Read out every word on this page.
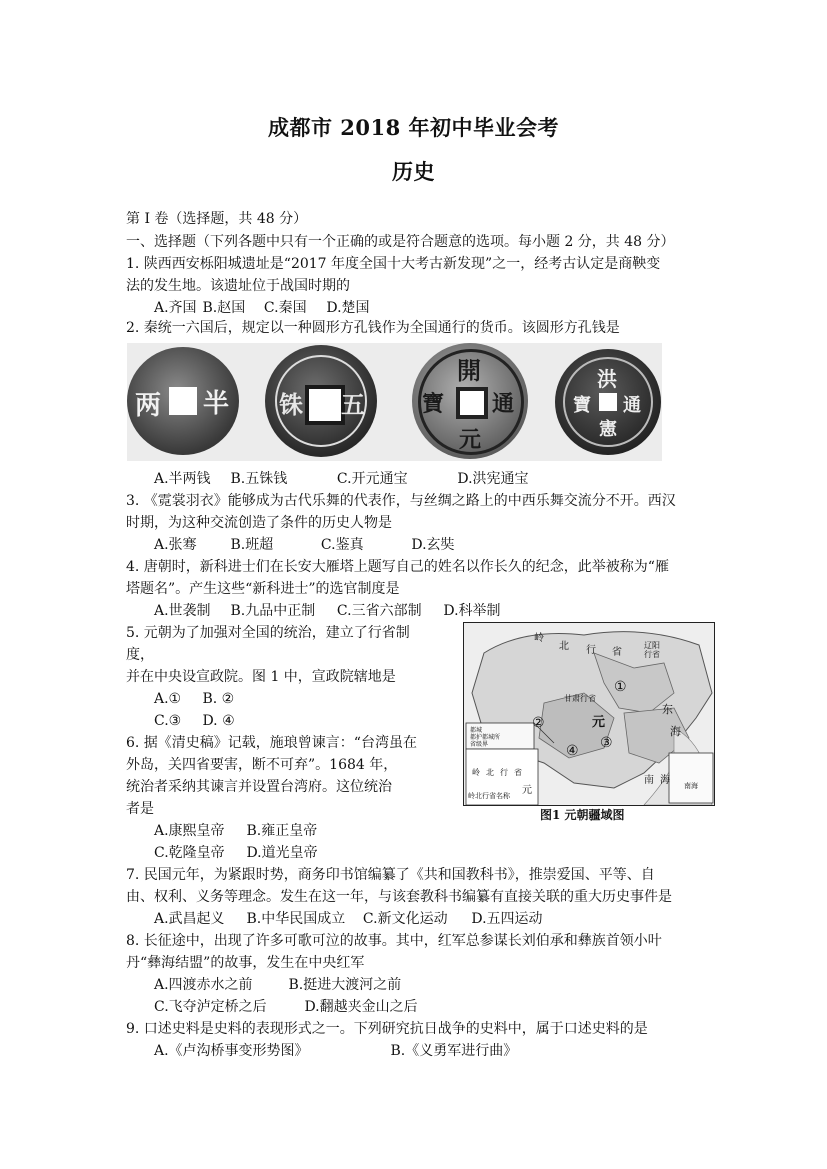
成都市 2018 年初中毕业会考
历史
第 I 卷（选择题，共 48 分）
一、选择题（下列各题中只有一个正确的或是符合题意的选项。每小题 2 分，共 48 分）
1. 陕西西安栎阳城遗址是“2017 年度全国十大考古新发现”之一，经考古认定是商鞅变
法的发生地。该遗址位于战国时期的
A.齐国 B.赵国 C.秦国 D.楚国
2. 秦统一六国后，规定以一种圆形方孔钱作为全国通行的货币。该圆形方孔钱是
两 半 铢 五
開
通
元
寶
洪
通
憲
寶
A.半两钱 B.五铢钱	C.开元通宝	D.洪宪通宝
3. 《霓裳羽衣》能够成为古代乐舞的代表作，与丝绸之路上的中西乐舞交流分不开。西汉
时期，为这种交流创造了条件的历史人物是
A.张骞 B.班超	C.鉴真	D.玄奘
4. 唐朝时，新科进士们在长安大雁塔上题写自己的姓名以作长久的纪念，此举被称为“雁
塔题名”。产生这些“新科进士”的选官制度是
A.世袭制 B.九品中正制 C.三省六部制 D.科举制
5. 元朝为了加强对全国的统治，建立了行省制
度，
并在中央设宣政院。图 1 中，宣政院辖地是
A.① B. ②
C.③ D. ④
岭
北 行 省
辽阳行省
甘肃行省
元
东
海
南 海
岭 北 行 省
元	南海
岭北行省名称
①
②
③
④
都城
都护都城所
省级界
图1 元朝疆域图
6. 据《清史稿》记载，施琅曾谏言：“台湾虽在
外岛，关四省要害，断不可弃”。1684 年，
统治者采纳其谏言并设置台湾府。这位统治
者是
A.康熙皇帝 B.雍正皇帝
C.乾隆皇帝 D.道光皇帝
7. 民国元年，为紧跟时势，商务印书馆编纂了《共和国教科书》，推崇爱国、平等、自
由、权利、义务等理念。发生在这一年，与该套教科书编纂有直接关联的重大历史事件是
A.武昌起义 B.中华民国成立 C.新文化运动 D.五四运动
8. 长征途中，出现了许多可歌可泣的故事。其中，红军总参谋长刘伯承和彝族首领小叶
丹“彝海结盟”的故事，发生在中央红军
A.四渡赤水之前	B.挺进大渡河之前
C.飞夺泸定桥之后	D.翻越夹金山之后
9. 口述史料是史料的表现形式之一。下列研究抗日战争的史料中，属于口述史料的是
A.《卢沟桥事变形势图》	B.《义勇军进行曲》
